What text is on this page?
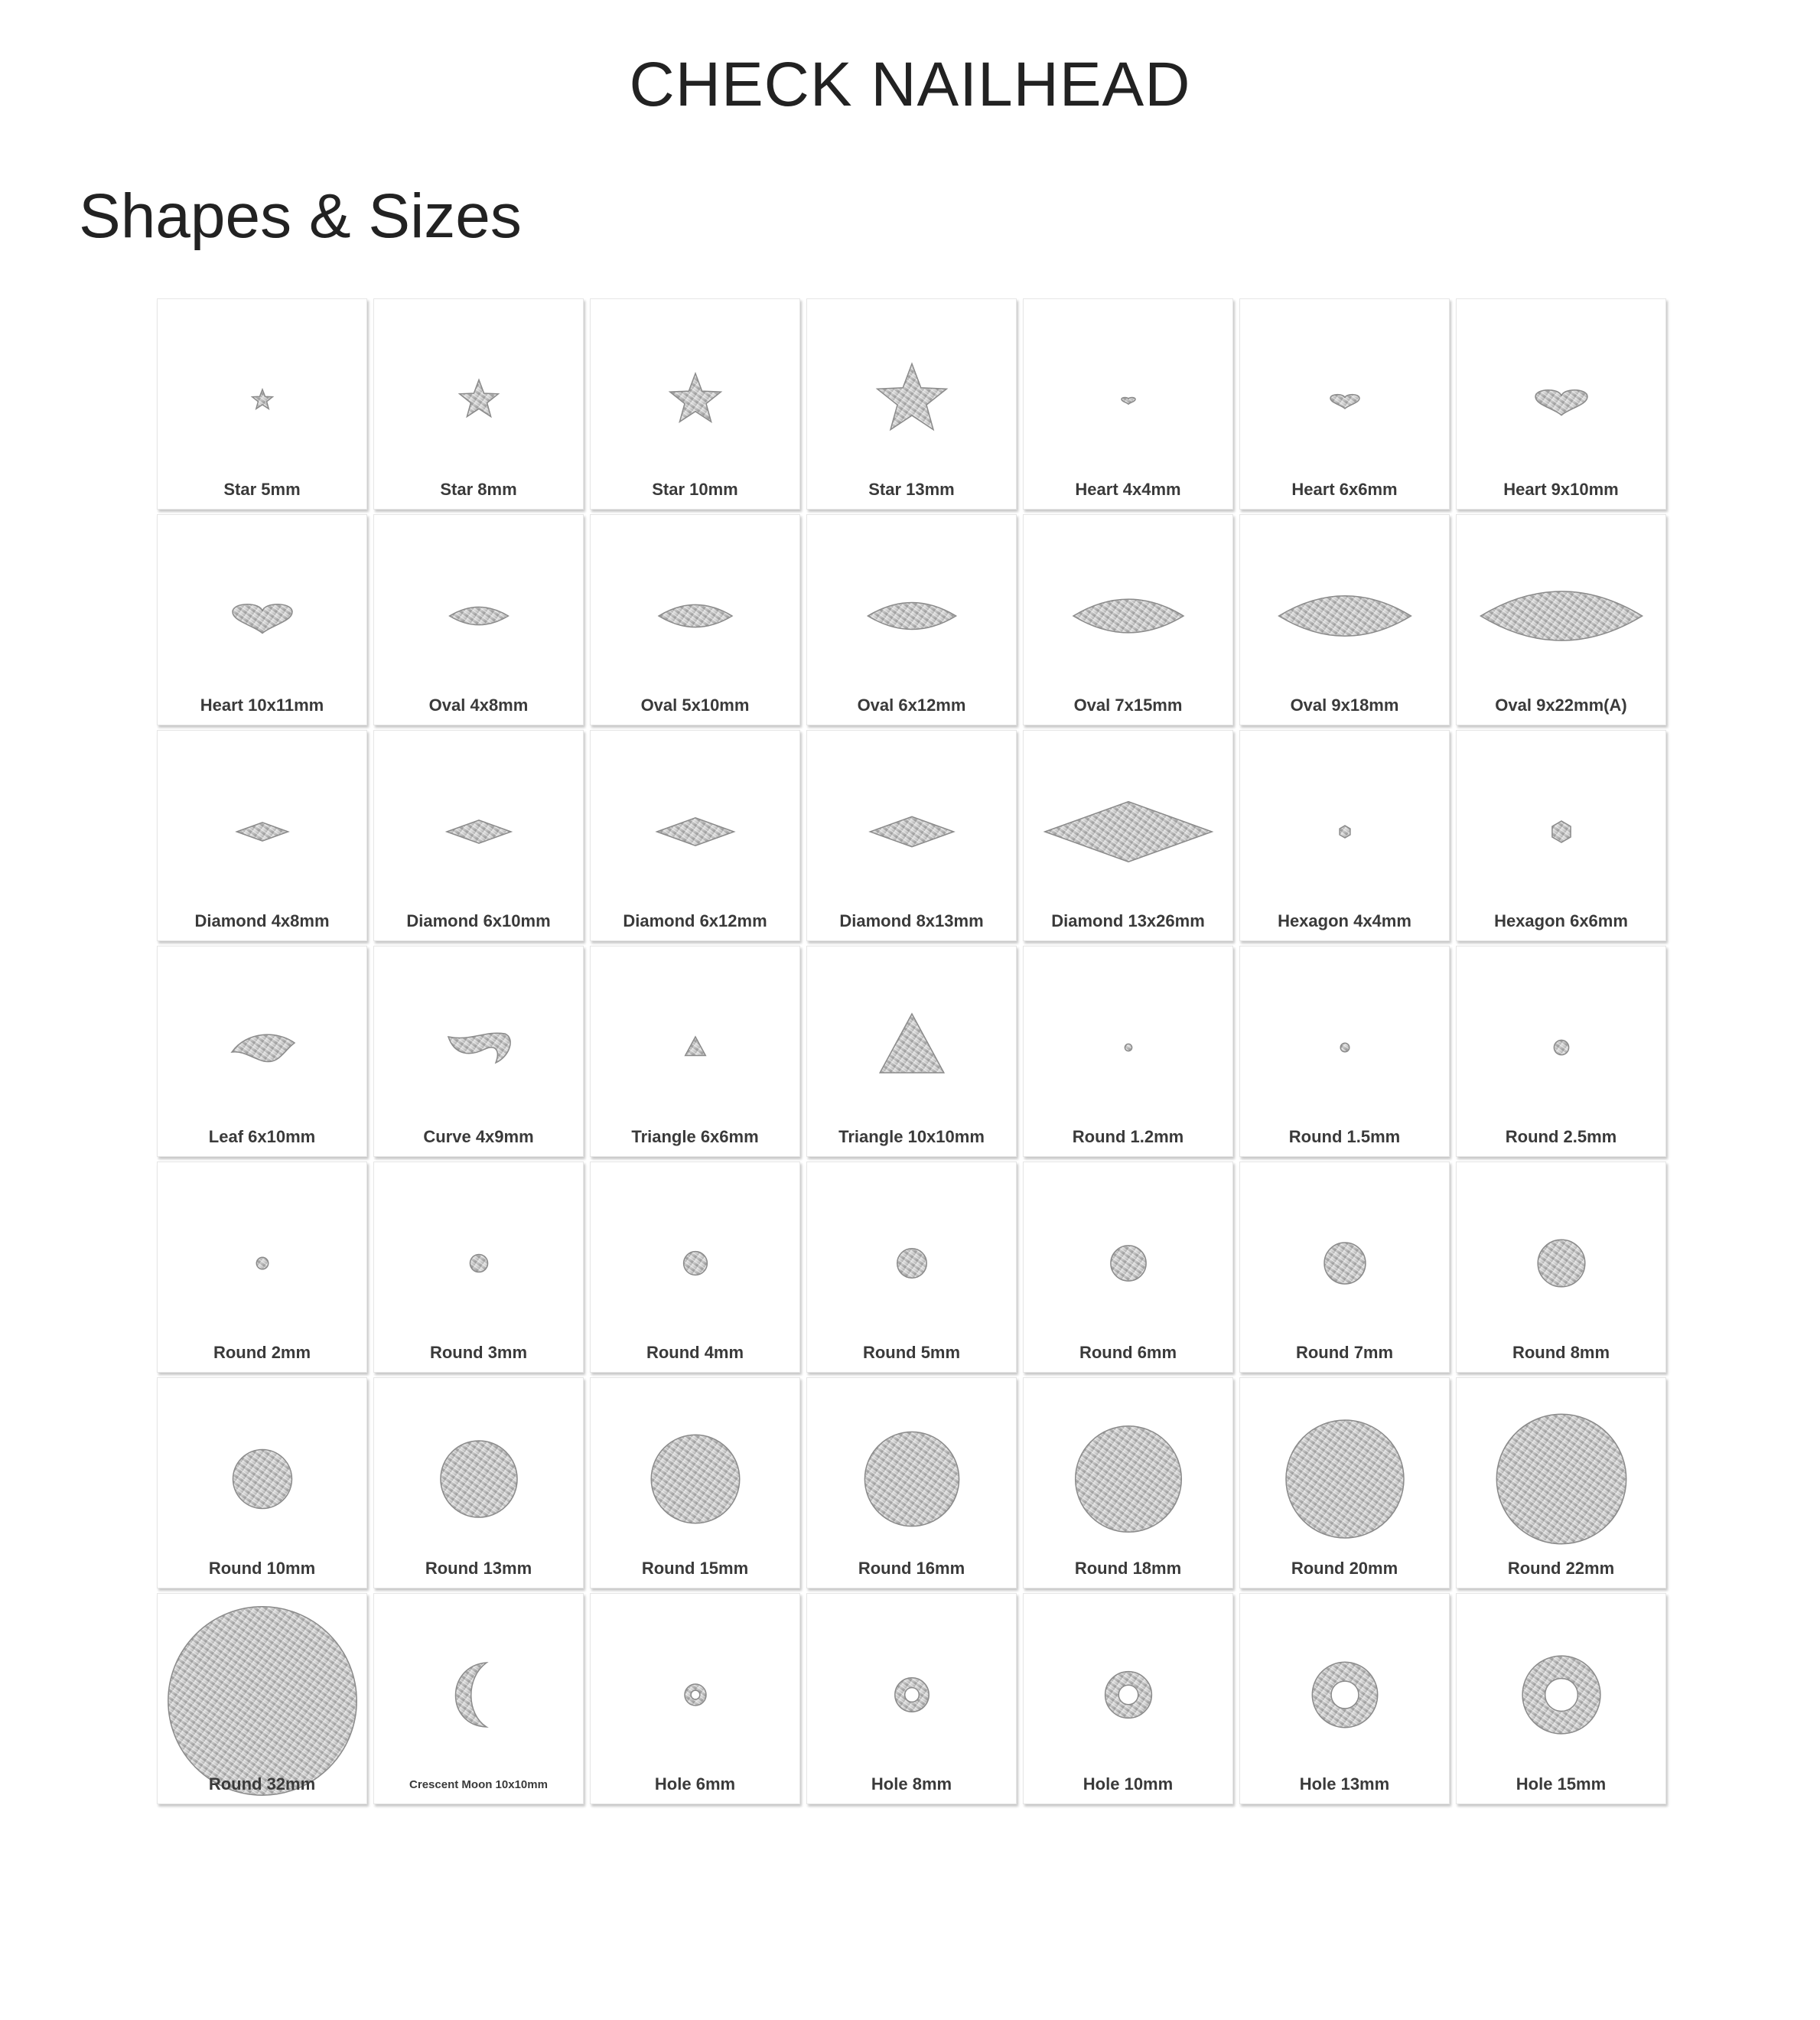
CHECK NAILHEAD
Shapes & Sizes
Star 5mm	Star 8mm	Star 10mm	Star 13mm	Heart 4x4mm	Heart 6x6mm	Heart 9x10mm
Heart 10x11mm	Oval 4x8mm	Oval 5x10mm	Oval 6x12mm	Oval 7x15mm	Oval 9x18mm	Oval 9x22mm(A)
Diamond 4x8mm	Diamond 6x10mm	Diamond 6x12mm	Diamond 8x13mm	Diamond 13x26mm	Hexagon 4x4mm	Hexagon 6x6mm
Leaf 6x10mm	Curve 4x9mm	Triangle 6x6mm	Triangle 10x10mm	Round 1.2mm	Round 1.5mm	Round 2.5mm
Round 2mm	Round 3mm	Round 4mm	Round 5mm	Round 6mm	Round 7mm	Round 8mm
Round 10mm	Round 13mm	Round 15mm	Round 16mm	Round 18mm	Round 20mm	Round 22mm
Round 32mm	Crescent Moon 10x10mm	Hole 6mm	Hole 8mm	Hole 10mm	Hole 13mm	Hole 15mm
